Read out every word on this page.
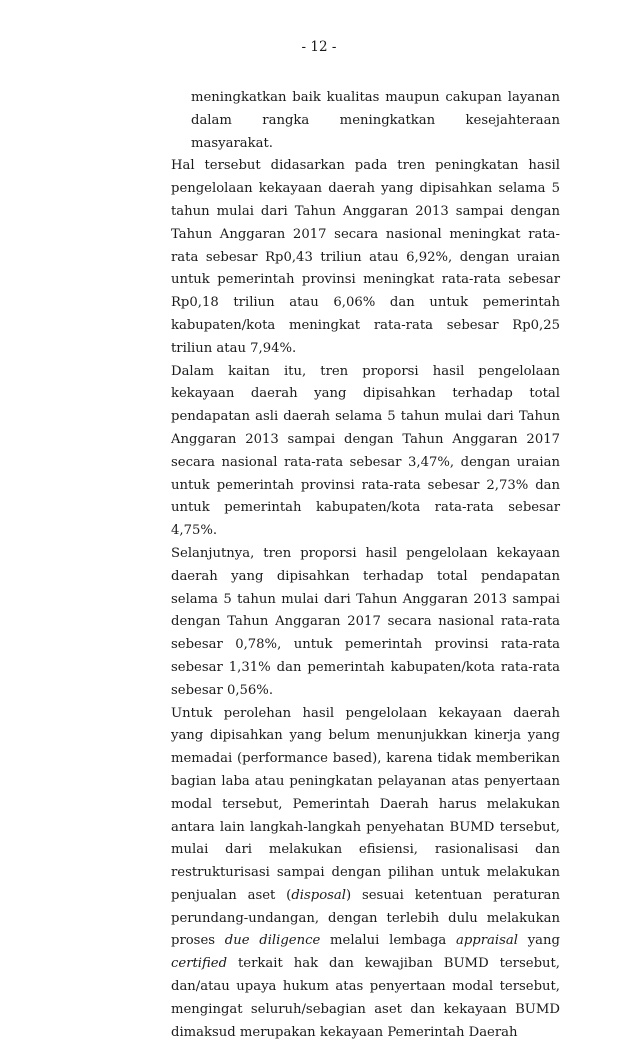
- 12 -

meningkatkan baik kualitas maupun cakupan layanan dalam rangka meningkatkan kesejahteraan masyarakat.

Hal tersebut didasarkan pada tren peningkatan hasil pengelolaan kekayaan daerah yang dipisahkan selama 5 tahun mulai dari Tahun Anggaran 2013 sampai dengan Tahun Anggaran 2017 secara nasional meningkat rata-rata sebesar Rp0,43 triliun atau 6,92%, dengan uraian untuk pemerintah provinsi meningkat rata-rata sebesar Rp0,18 triliun atau 6,06% dan untuk pemerintah kabupaten/kota meningkat rata-rata sebesar Rp0,25 triliun atau 7,94%.

Dalam kaitan itu, tren proporsi hasil pengelolaan kekayaan daerah yang dipisahkan terhadap total pendapatan asli daerah selama 5 tahun mulai dari Tahun Anggaran 2013 sampai dengan Tahun Anggaran 2017 secara nasional rata-rata sebesar 3,47%, dengan uraian untuk pemerintah provinsi rata-rata sebesar 2,73% dan untuk pemerintah kabupaten/kota rata-rata sebesar 4,75%.

Selanjutnya, tren proporsi hasil pengelolaan kekayaan daerah yang dipisahkan terhadap total pendapatan selama 5 tahun mulai dari Tahun Anggaran 2013 sampai dengan Tahun Anggaran 2017 secara nasional rata-rata sebesar 0,78%, untuk pemerintah provinsi rata-rata sebesar 1,31% dan pemerintah kabupaten/kota rata-rata sebesar 0,56%.

Untuk perolehan hasil pengelolaan kekayaan daerah yang dipisahkan yang belum menunjukkan kinerja yang memadai (performance based), karena tidak memberikan bagian laba atau peningkatan pelayanan atas penyertaan modal tersebut, Pemerintah Daerah harus melakukan antara lain langkah-langkah penyehatan BUMD tersebut, mulai dari melakukan efisiensi, rasionalisasi dan restrukturisasi sampai dengan pilihan untuk melakukan penjualan aset (disposal) sesuai ketentuan peraturan perundang-undangan, dengan terlebih dulu melakukan proses due diligence melalui lembaga appraisal yang certified terkait hak dan kewajiban BUMD tersebut, dan/atau upaya hukum atas penyertaan modal tersebut, mengingat seluruh/sebagian aset dan kekayaan BUMD dimaksud merupakan kekayaan Pemerintah Daerah
